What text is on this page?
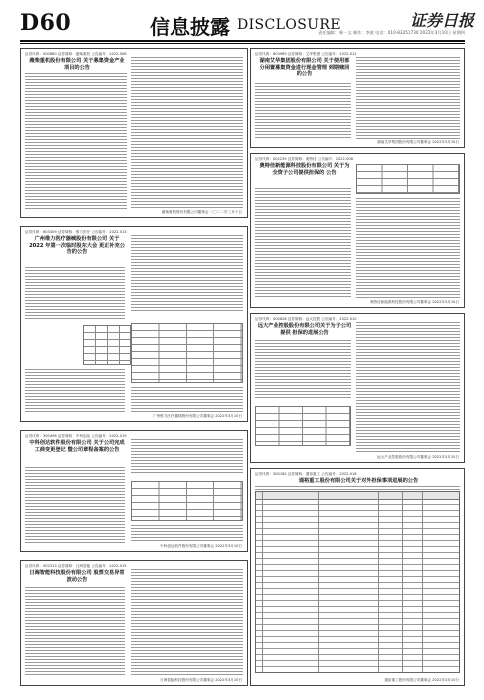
D60	信息披露 DISCLOSURE	证券日报
责任编辑：韩一文 制作：李波 电话：010-83251730 2022年3月10日 星期四
证券代码：000880 证券简称：潍柴重机 公告编号：2022-006
潍柴重机股份有限公司 关于募集资金产业项目的公告
潍柴重机股份有限公司董事会 二〇二二年三月十日
证券代码：603309 证券简称：维力医疗 公告编号：2022-013
广州维力医疗器械股份有限公司 关于 2022 年第一次临时股东大会 更正补充公告的公告
广州维力医疗器械股份有限公司董事会 2022年3月10日
证券代码：300496 证券简称：中科创达 公告编号：2022-019
中科创达软件股份有限公司 关于公司完成工商变更登记 暨公司章程备案的公告
中科创达软件股份有限公司董事会 2022年3月10日
证券代码：002313 证券简称：日海智能 公告编号：2022-015
日海智能科技股份有限公司 股票交易异常波动公告
日海智能科技股份有限公司董事会 2022年3月10日
证券代码：603989 证券简称：艾华集团 公告编号：2022-012
湖南艾华集团股份有限公司 关于使用部分闲置募集资金进行现金管理 到期赎回的公告
湖南艾华集团股份有限公司董事会 2022年3月10日
证券代码：002239 证券简称：奥特佳 公告编号：2022-008
奥特佳新能源科技股份有限公司 关于为全资子公司提供担保的 公告
奥特佳新能源科技股份有限公司董事会 2022年3月10日
证券代码：000626 证券简称：远大控股 公告编号：2022-010
远大产业控股股份有限公司关于为子公司提供 担保的进展公告
远大产业控股股份有限公司董事会 2022年3月10日
证券代码：300185 证券简称：通裕重工 公告编号：2022-018
通裕重工股份有限公司关于对外担保事项进展的公告
通裕重工股份有限公司董事会 2022年3月10日
